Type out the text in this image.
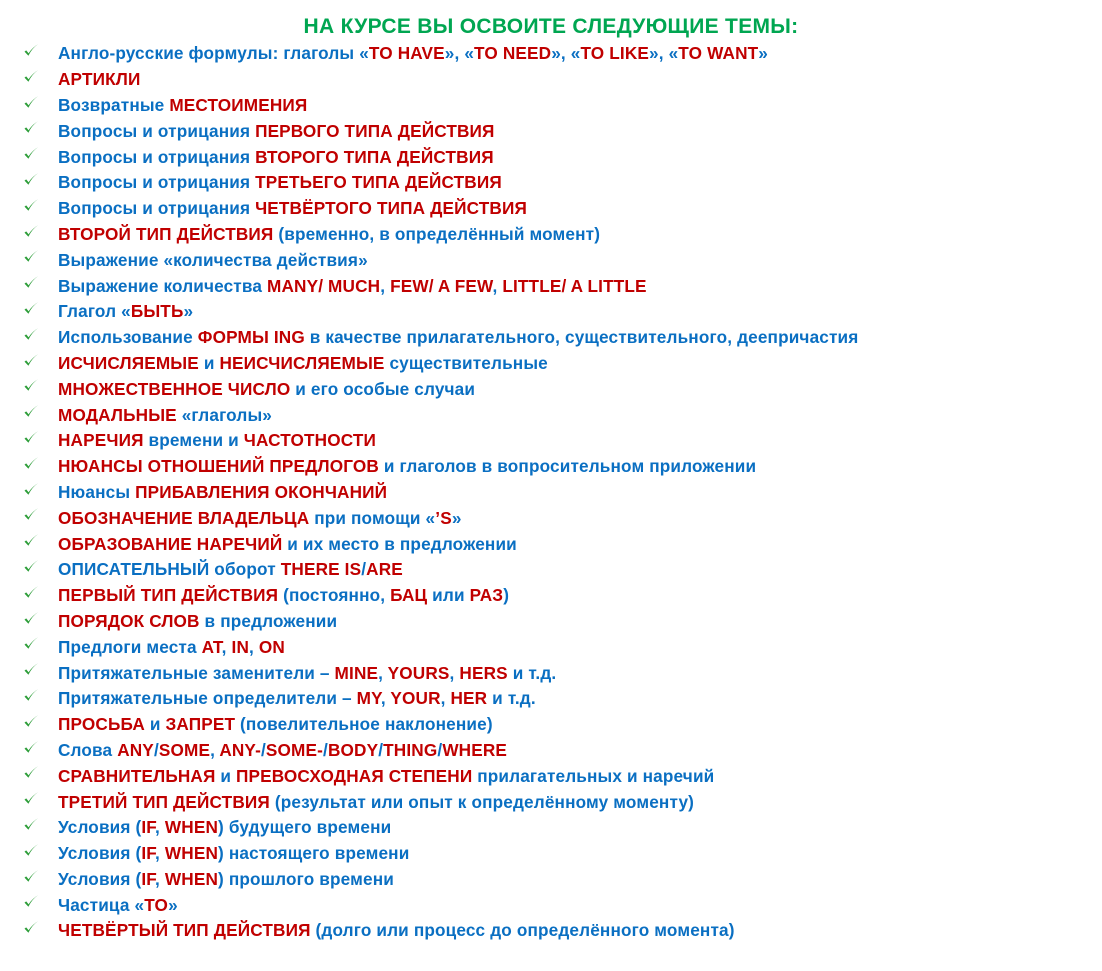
НА КУРСЕ ВЫ ОСВОИТЕ СЛЕДУЮЩИЕ ТЕМЫ:
Англо-русские формулы: глаголы «TO HAVE», «TO NEED», «TO LIKE», «TO WANT»
АРТИКЛИ
Возвратные МЕСТОИМЕНИЯ
Вопросы и отрицания ПЕРВОГО ТИПА ДЕЙСТВИЯ
Вопросы и отрицания ВТОРОГО ТИПА ДЕЙСТВИЯ
Вопросы и отрицания ТРЕТЬЕГО ТИПА ДЕЙСТВИЯ
Вопросы и отрицания ЧЕТВЁРТОГО ТИПА ДЕЙСТВИЯ
ВТОРОЙ ТИП ДЕЙСТВИЯ (временно, в определённый момент)
Выражение «количества действия»
Выражение количества MANY/ MUCH, FEW/ A FEW, LITTLE/ A LITTLE
Глагол «БЫТЬ»
Использование ФОРМЫ ING в качестве прилагательного, существительного, деепричастия
ИСЧИСЛЯЕМЫЕ и НЕИСЧИСЛЯЕМЫЕ существительные
МНОЖЕСТВЕННОЕ ЧИСЛО и его особые случаи
МОДАЛЬНЫЕ «глаголы»
НАРЕЧИЯ времени и ЧАСТОТНОСТИ
НЮАНСЫ ОТНОШЕНИЙ ПРЕДЛОГОВ и глаголов в вопросительном приложении
Нюансы ПРИБАВЛЕНИЯ ОКОНЧАНИЙ
ОБОЗНАЧЕНИЕ ВЛАДЕЛЬЦА при помощи «’S»
ОБРАЗОВАНИЕ НАРЕЧИЙ и их место в предложении
ОПИСАТЕЛЬНЫЙ оборот THERE IS/ARE
ПЕРВЫЙ ТИП ДЕЙСТВИЯ (постоянно, БАЦ или РАЗ)
ПОРЯДОК СЛОВ в предложении
Предлоги места AT, IN, ON
Притяжательные заменители – MINE, YOURS, HERS и т.д.
Притяжательные определители – MY, YOUR, HER и т.д.
ПРОСЬБА и ЗАПРЕТ (повелительное наклонение)
Слова ANY/SOME, ANY-/SOME-/BODY/THING/WHERE
СРАВНИТЕЛЬНАЯ и ПРЕВОСХОДНАЯ СТЕПЕНИ прилагательных и наречий
ТРЕТИЙ ТИП ДЕЙСТВИЯ (результат или опыт к определённому моменту)
Условия (IF, WHEN) будущего времени
Условия (IF, WHEN) настоящего времени
Условия (IF, WHEN) прошлого времени
Частица «TO»
ЧЕТВЁРТЫЙ ТИП ДЕЙСТВИЯ (долго или процесс до определённого момента)
